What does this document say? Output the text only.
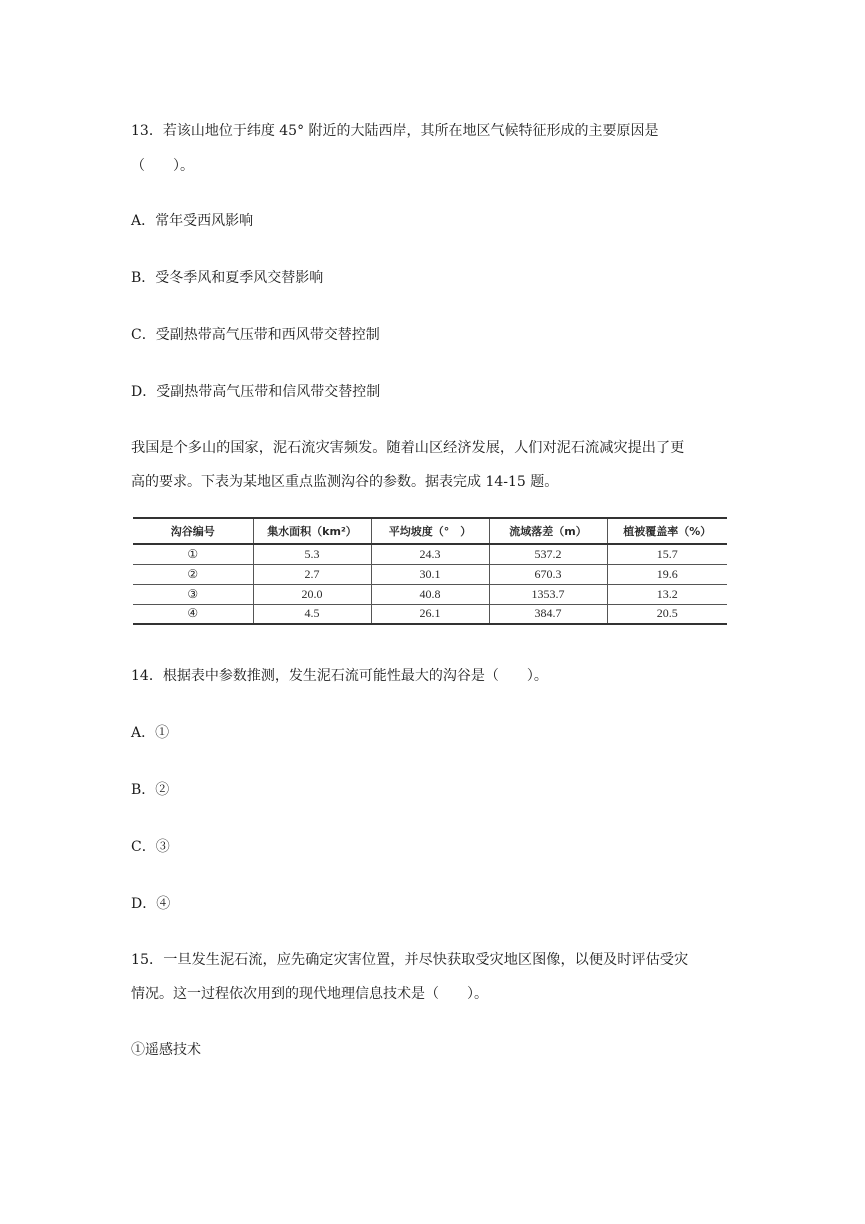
13．若该山地位于纬度 45° 附近的大陆西岸，其所在地区气候特征形成的主要原因是
（　　）。
A．常年受西风影响
B．受冬季风和夏季风交替影响
C．受副热带高气压带和西风带交替控制
D．受副热带高气压带和信风带交替控制
我国是个多山的国家，泥石流灾害频发。随着山区经济发展，人们对泥石流减灾提出了更
高的要求。下表为某地区重点监测沟谷的参数。据表完成 14-15 题。
沟谷编号	集水面积（km²）	平均坡度（°　）	流域落差（m）	植被覆盖率（%）
①	5.3	24.3	537.2	15.7
②	2.7	30.1	670.3	19.6
③	20.0	40.8	1353.7	13.2
④	4.5	26.1	384.7	20.5
14．根据表中参数推测，发生泥石流可能性最大的沟谷是（　　）。
A．①
B．②
C．③
D．④
15．一旦发生泥石流，应先确定灾害位置，并尽快获取受灾地区图像，以便及时评估受灾
情况。这一过程依次用到的现代地理信息技术是（　　）。
①遥感技术
